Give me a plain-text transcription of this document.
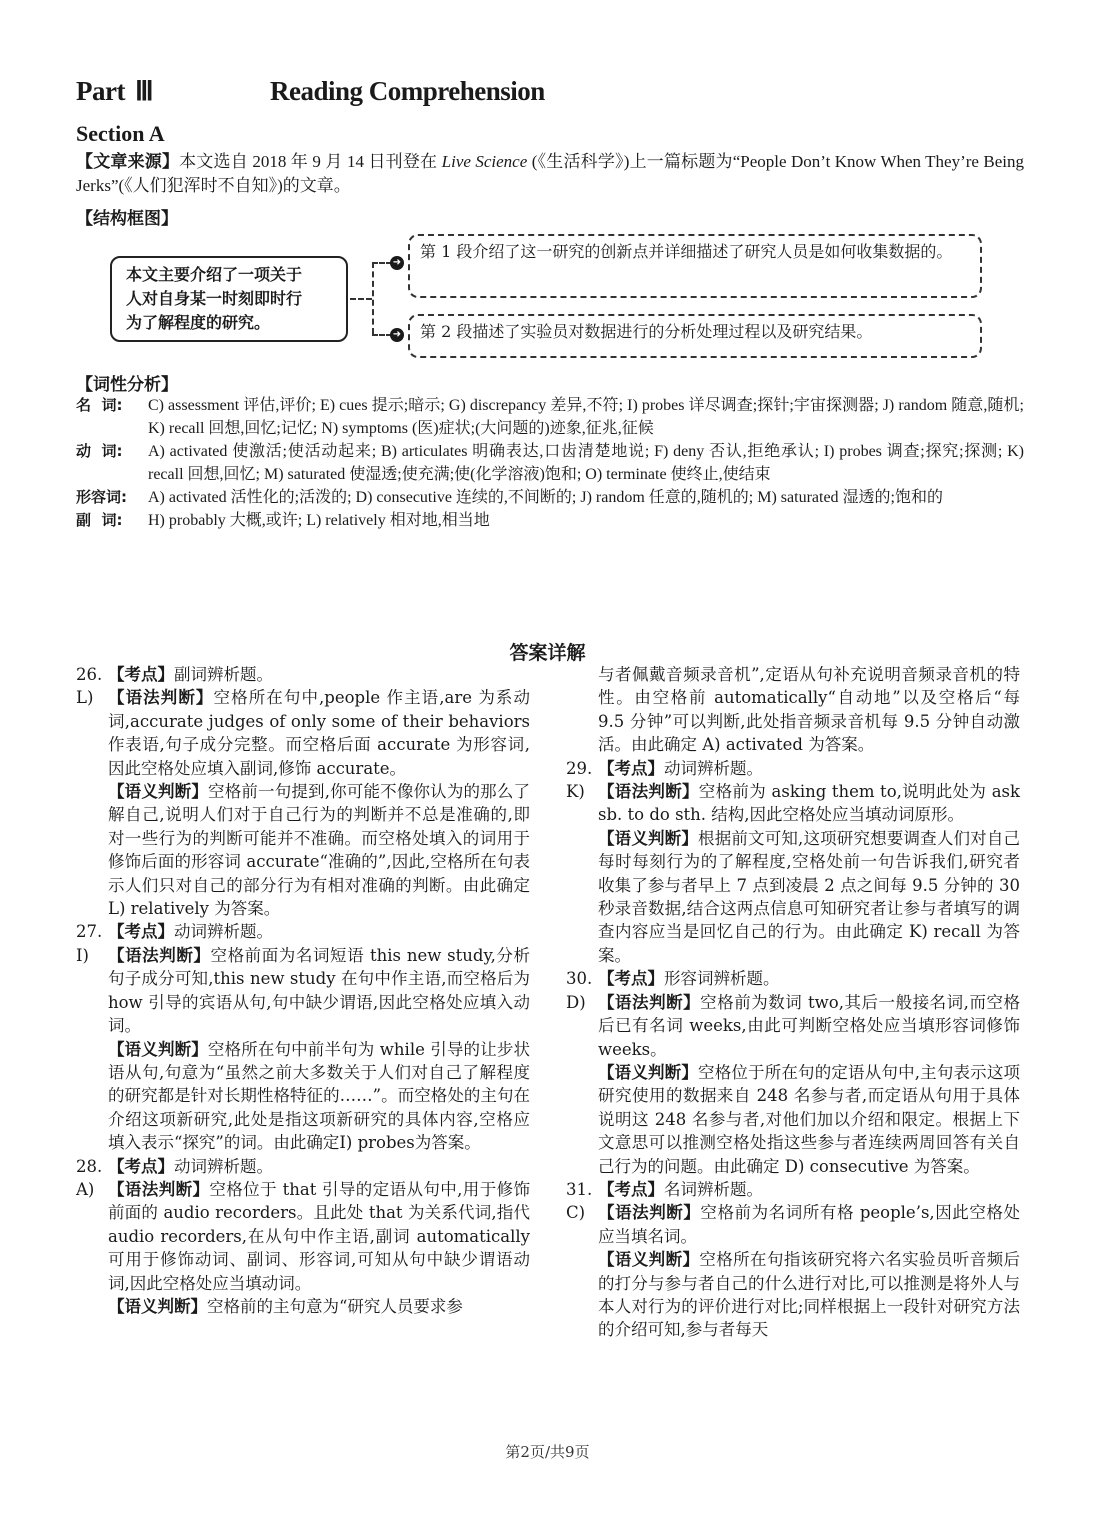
Part Ⅲ	Reading Comprehension
Section A
【文章来源】本文选自 2018 年 9 月 14 日刊登在 Live Science (《生活科学》)上一篇标题为“People Don’t Know When They’re Being Jerks”(《人们犯浑时不自知》)的文章。
【结构框图】
本文主要介绍了一项关于
人对自身某一时刻即时行
为了解程度的研究。
➜
➜
第 1 段介绍了这一研究的创新点并详细描述了研究人员是如何收集数据的。
第 2 段描述了实验员对数据进行的分析处理过程以及研究结果。
【词性分析】
名  词:	C) assessment 评估,评价; E) cues 提示;暗示; G) discrepancy 差异,不符; I) probes 详尽调查;探针;宇宙探测器; J) random 随意,随机; K) recall 回想,回忆;记忆; N) symptoms (医)症状;(大问题的)迹象,征兆,征候
动  词:	A) activated 使激活;使活动起来; B) articulates 明确表达,口齿清楚地说; F) deny 否认,拒绝承认; I) probes 调查;探究;探测; K) recall 回想,回忆; M) saturated 使湿透;使充满;使(化学溶液)饱和; O) terminate 使终止,使结束
形容词:	A) activated 活性化的;活泼的; D) consecutive 连续的,不间断的; J) random 任意的,随机的; M) saturated 湿透的;饱和的
副  词:	H) probably 大概,或许; L) relatively 相对地,相当地
答案详解
26. 【考点】副词辨析题。
L) 【语法判断】空格所在句中,people 作主语,are 为系动词,accurate judges of only some of their behaviors 作表语,句子成分完整。而空格后面 accurate 为形容词,因此空格处应填入副词,修饰 accurate。
【语义判断】空格前一句提到,你可能不像你认为的那么了解自己,说明人们对于自己行为的判断并不总是准确的,即对一些行为的判断可能并不准确。而空格处填入的词用于修饰后面的形容词 accurate“准确的”,因此,空格所在句表示人们只对自己的部分行为有相对准确的判断。由此确定 L) relatively 为答案。
27. 【考点】动词辨析题。
I)	【语法判断】空格前面为名词短语 this new study,分析句子成分可知,this new study 在句中作主语,而空格后为 how 引导的宾语从句,句中缺少谓语,因此空格处应填入动词。
【语义判断】空格所在句中前半句为 while 引导的让步状语从句,句意为“虽然之前大多数关于人们对自己了解程度的研究都是针对长期性格特征的……”。而空格处的主句在介绍这项新研究,此处是指这项新研究的具体内容,空格应填入表示“探究”的词。由此确定I) probes为答案。
28. 【考点】动词辨析题。
A) 【语法判断】空格位于 that 引导的定语从句中,用于修饰前面的 audio recorders。且此处 that 为关系代词,指代 audio recorders,在从句中作主语,副词 automatically 可用于修饰动词、副词、形容词,可知从句中缺少谓语动词,因此空格处应当填动词。
【语义判断】空格前的主句意为“研究人员要求参
与者佩戴音频录音机”,定语从句补充说明音频录音机的特性。由空格前 automatically“自动地”以及空格后“每 9.5 分钟”可以判断,此处指音频录音机每 9.5 分钟自动激活。由此确定 A) activated 为答案。
29. 【考点】动词辨析题。
K) 【语法判断】空格前为 asking them to,说明此处为 ask sb. to do sth. 结构,因此空格处应当填动词原形。
【语义判断】根据前文可知,这项研究想要调查人们对自己每时每刻行为的了解程度,空格处前一句告诉我们,研究者收集了参与者早上 7 点到凌晨 2 点之间每 9.5 分钟的 30 秒录音数据,结合这两点信息可知研究者让参与者填写的调查内容应当是回忆自己的行为。由此确定 K) recall 为答案。
30. 【考点】形容词辨析题。
D) 【语法判断】空格前为数词 two,其后一般接名词,而空格后已有名词 weeks,由此可判断空格处应当填形容词修饰 weeks。
【语义判断】空格位于所在句的定语从句中,主句表示这项研究使用的数据来自 248 名参与者,而定语从句用于具体说明这 248 名参与者,对他们加以介绍和限定。根据上下文意思可以推测空格处指这些参与者连续两周回答有关自己行为的问题。由此确定 D) consecutive 为答案。
31. 【考点】名词辨析题。
C) 【语法判断】空格前为名词所有格 people’s,因此空格处应当填名词。
【语义判断】空格所在句指该研究将六名实验员听音频后的打分与参与者自己的什么进行对比,可以推测是将外人与本人对行为的评价进行对比;同样根据上一段针对研究方法的介绍可知,参与者每天
第2页/共9页
